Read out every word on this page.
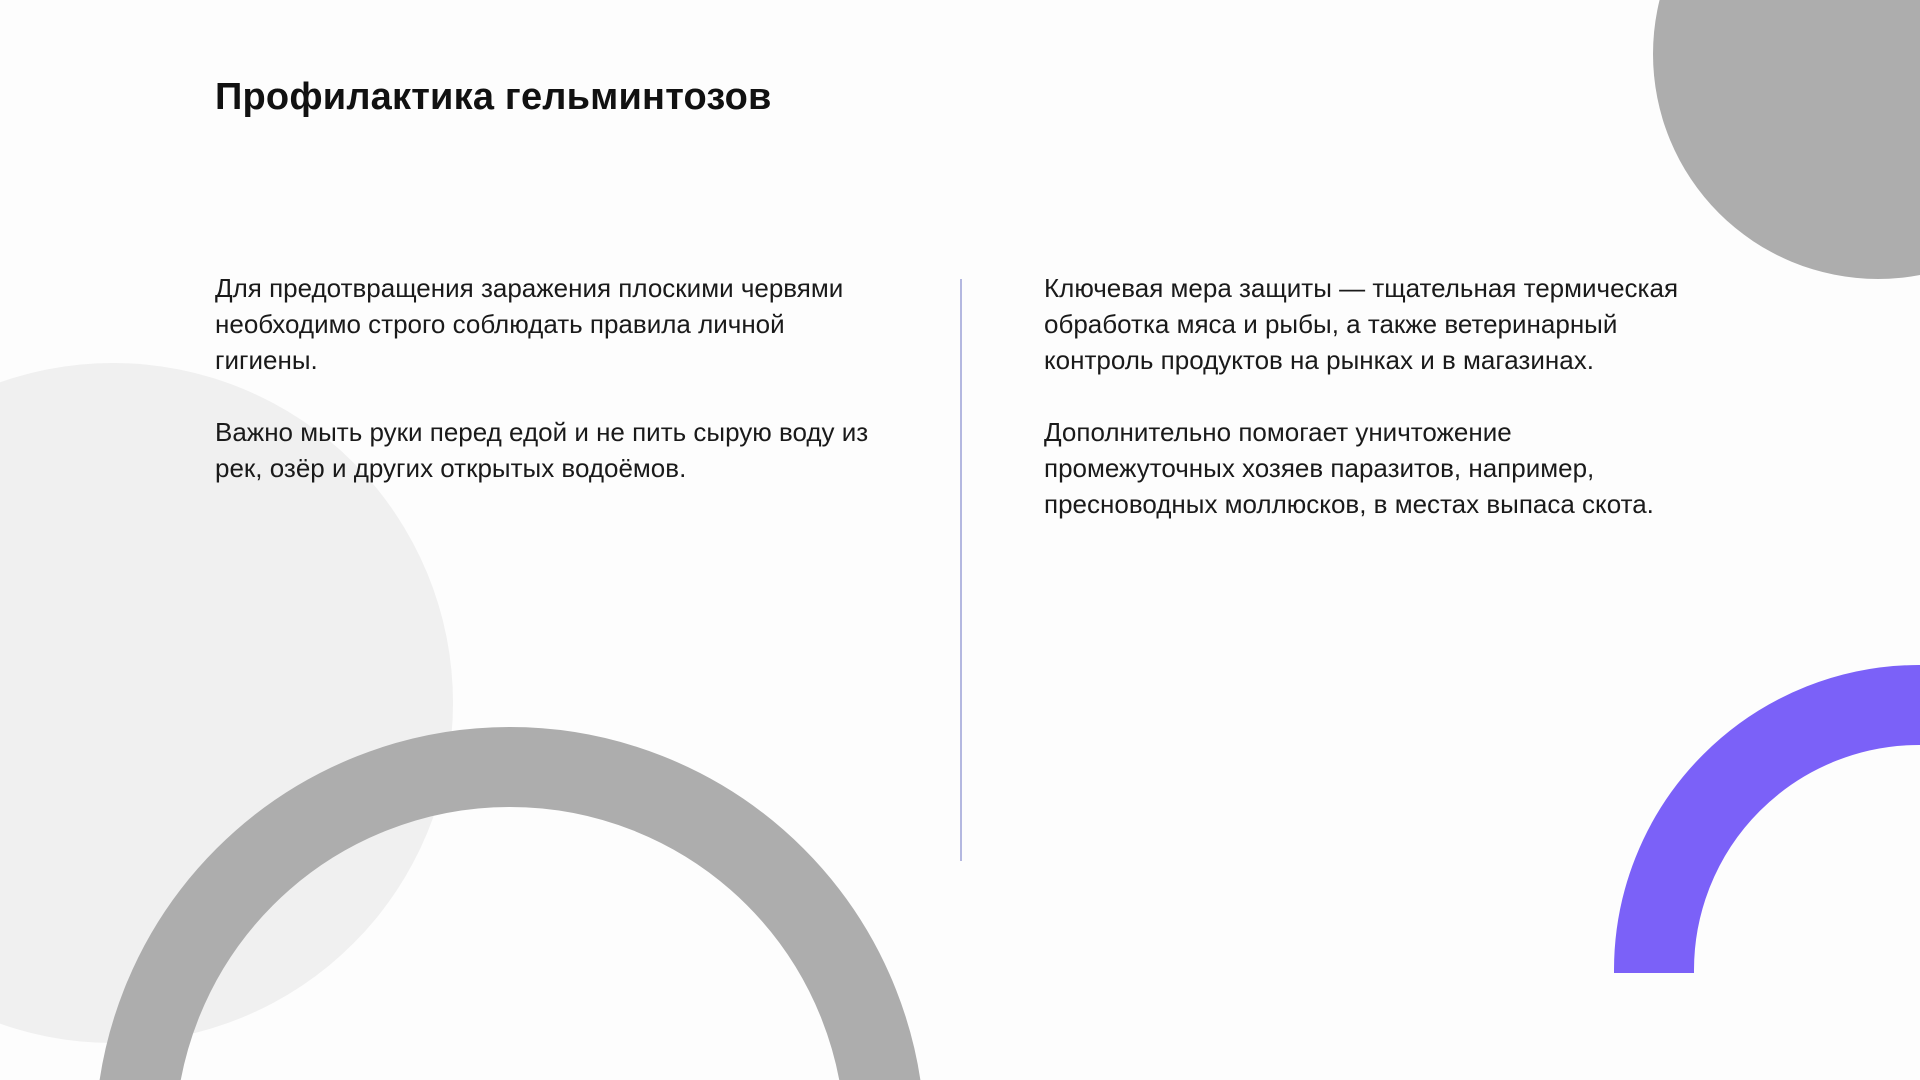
Профилактика гельминтозов

Для предотвращения заражения плоскими червями необходимо строго соблюдать правила личной гигиены.

Важно мыть руки перед едой и не пить сырую воду из рек, озёр и других открытых водоёмов.

Ключевая мера защиты — тщательная термическая обработка мяса и рыбы, а также ветеринарный контроль продуктов на рынках и в магазинах.

Дополнительно помогает уничтожение промежуточных хозяев паразитов, например, пресноводных моллюсков, в местах выпаса скота.
